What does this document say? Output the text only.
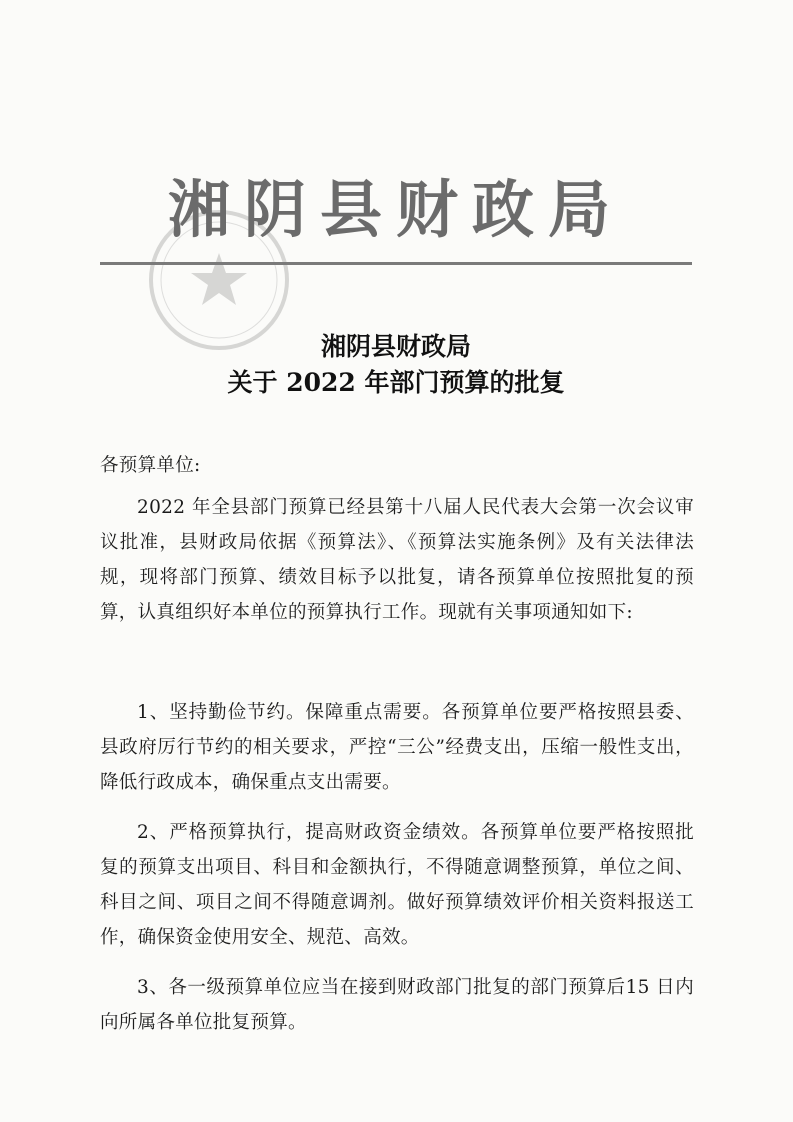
湘阴县财政局
湘阴县财政局
关于 2022 年部门预算的批复
各预算单位:
2022 年全县部门预算已经县第十八届人民代表大会第一次会议审议批准，县财政局依据《预算法》、《预算法实施条例》及有关法律法规，现将部门预算、绩效目标予以批复，请各预算单位按照批复的预算，认真组织好本单位的预算执行工作。现就有关事项通知如下:
1、坚持勤俭节约。保障重点需要。各预算单位要严格按照县委、县政府厉行节约的相关要求，严控“三公”经费支出，压缩一般性支出，降低行政成本，确保重点支出需要。
2、严格预算执行，提高财政资金绩效。各预算单位要严格按照批复的预算支出项目、科目和金额执行，不得随意调整预算，单位之间、科目之间、项目之间不得随意调剂。做好预算绩效评价相关资料报送工作，确保资金使用安全、规范、高效。
3、各一级预算单位应当在接到财政部门批复的部门预算后15 日内向所属各单位批复预算。
